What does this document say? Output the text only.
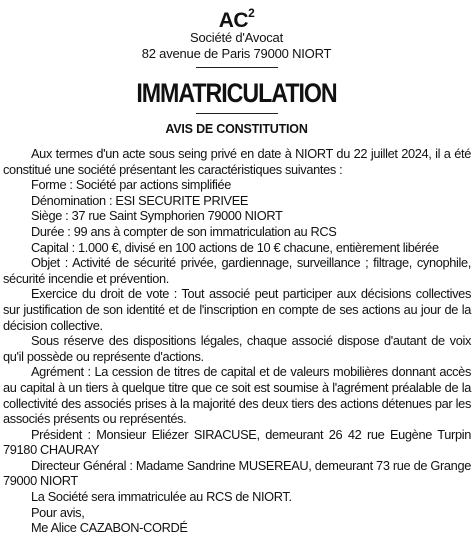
$AC^2$
Société d'Avocat
82 avenue de Paris 79000 NIORT
IMMATRICULATION
AVIS DE CONSTITUTION

Aux termes d'un acte sous seing privé en date à NIORT du 22 juillet 2024, il a été constitué une société présentant les caractéristiques suivantes :

Forme : Société par actions simplifiée

Dénomination : ESI SECURITE PRIVEE

Siège : 37 rue Saint Symphorien 79000 NIORT

Durée : 99 ans à compter de son immatriculation au RCS

Capital : 1.000 €, divisé en 100 actions de 10 € chacune, entièrement libérée

Objet : Activité de sécurité privée, gardiennage, surveillance ; filtrage, cynophile, sécurité incendie et prévention.

Exercice du droit de vote : Tout associé peut participer aux décisions collectives sur justification de son identité et de l'inscription en compte de ses actions au jour de la décision collective.

Sous réserve des dispositions légales, chaque associé dispose d'autant de voix qu'il possède ou représente d'actions.

Agrément : La cession de titres de capital et de valeurs mobilières donnant accès au capital à un tiers à quelque titre que ce soit est soumise à l'agrément préalable de la collectivité des associés prises à la majorité des deux tiers des actions détenues par les associés présents ou représentés.

Président : Monsieur Eliézer SIRACUSE, demeurant 26 42 rue Eugène Turpin 79180 CHAURAY

Directeur Général : Madame Sandrine MUSEREAU, demeurant 73 rue de Grange 79000 NIORT

La Société sera immatriculée au RCS de NIORT.

Pour avis,

Me Alice CAZABON-CORDÉ
